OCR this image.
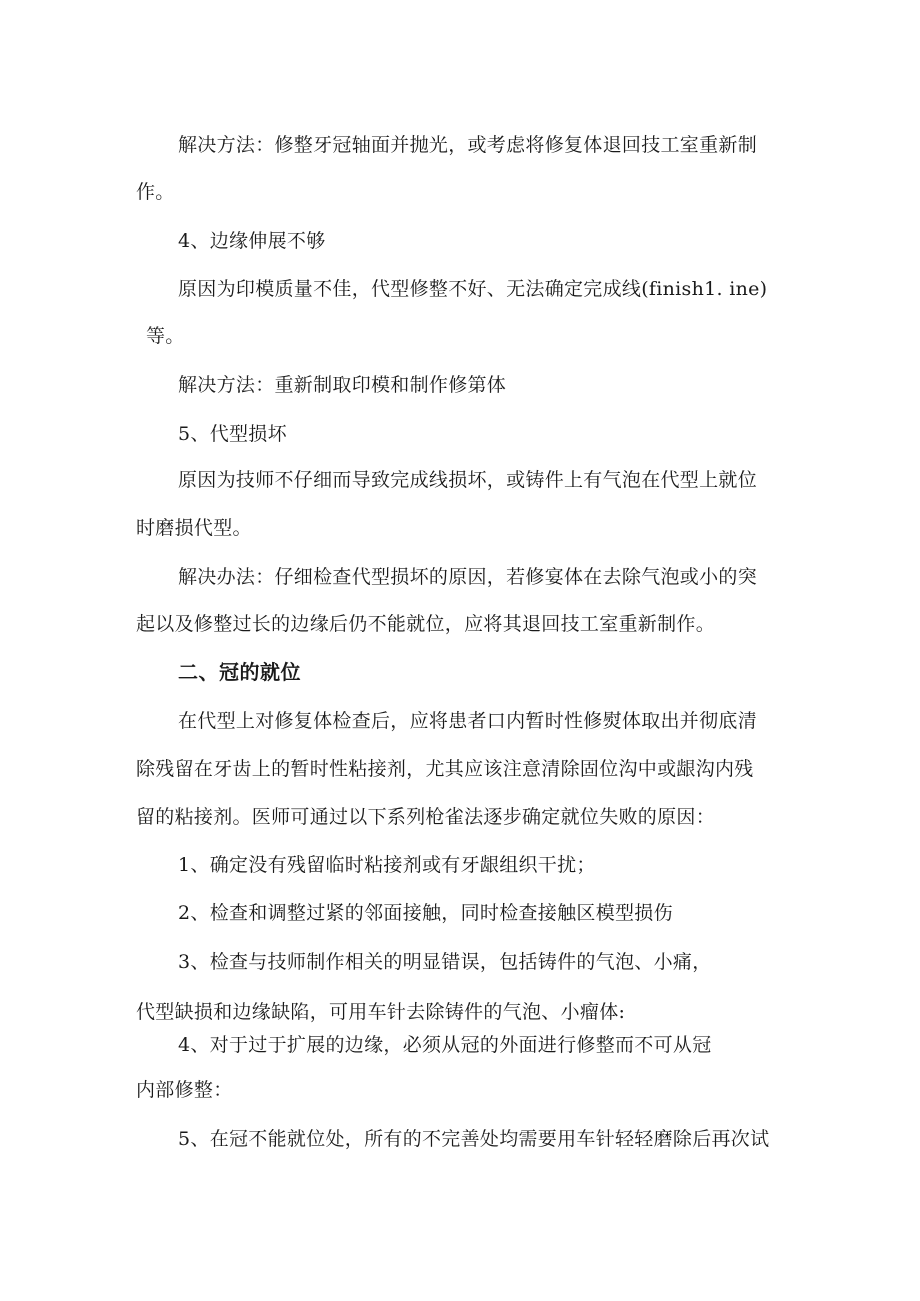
解决方法：修整牙冠轴面并抛光，或考虑将修复体退回技工室重新制
作。
4、边缘伸展不够
原因为印模质量不佳，代型修整不好、无法确定完成线(finish1. ine)
等。
解决方法：重新制取印模和制作修第体
5、代型损坏
原因为技师不仔细而导致完成线损坏，或铸件上有气泡在代型上就位
时磨损代型。
解决办法：仔细检查代型损坏的原因，若修宴体在去除气泡或小的突
起以及修整过长的边缘后仍不能就位，应将其退回技工室重新制作。
二、冠的就位
在代型上对修复体检查后，应将患者口内暂时性修熨体取出并彻底清
除残留在牙齿上的暂时性粘接剂，尤其应该注意清除固位沟中或龈沟内残
留的粘接剂。医师可通过以下系列枪雀法逐步确定就位失败的原因：
1、确定没有残留临时粘接剂或有牙龈组织干扰；
2、检查和调整过紧的邻面接触，同时检查接触区模型损伤
3、检查与技师制作相关的明显错误，包括铸件的气泡、小痛，
代型缺损和边缘缺陷，可用车针去除铸件的气泡、小瘤体:
4、对于过于扩展的边缘，必须从冠的外面进行修整而不可从冠
内部修整：
5、在冠不能就位处，所有的不完善处均需要用车针轻轻磨除后再次试
